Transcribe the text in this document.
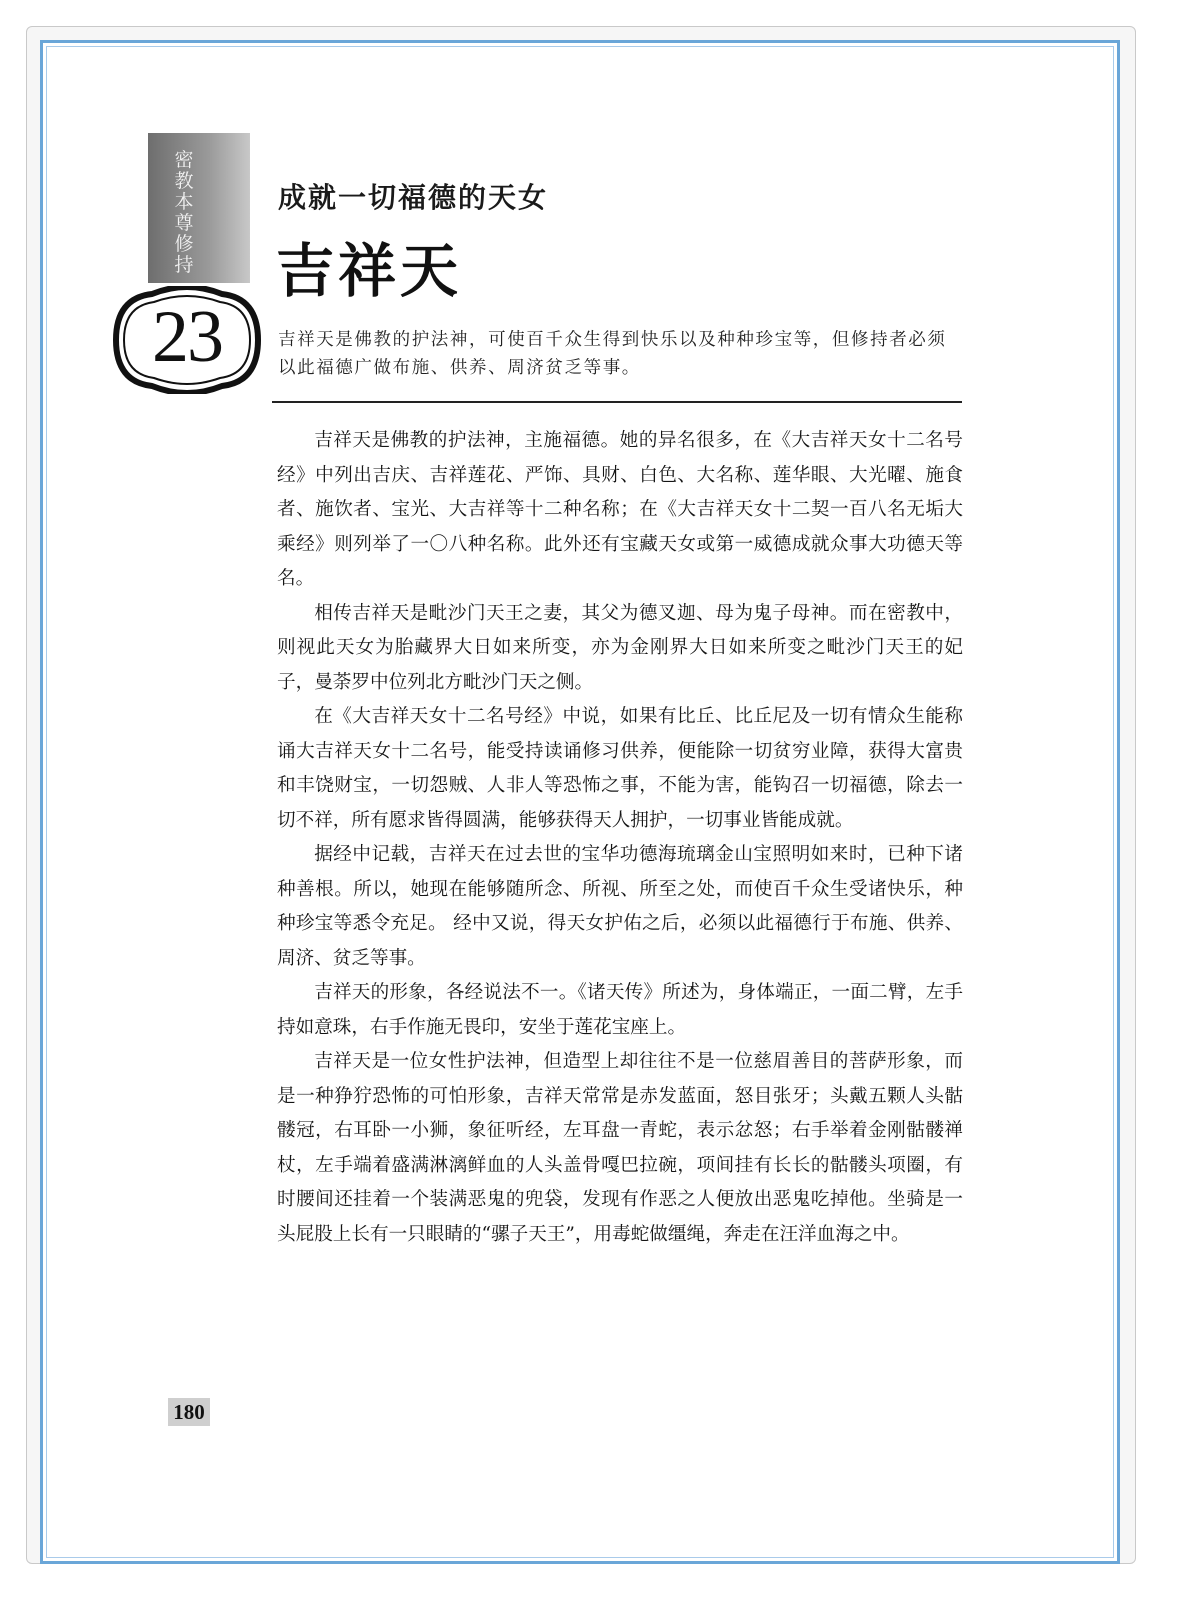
密教本尊修持
23
成就一切福德的天女
吉祥天
吉祥天是佛教的护法神，可使百千众生得到快乐以及种种珍宝等，但修持者必须以此福德广做布施、供养、周济贫乏等事。

吉祥天是佛教的护法神，主施福德。她的异名很多，在《大吉祥天女十二名号经》中列出吉庆、吉祥莲花、严饰、具财、白色、大名称、莲华眼、大光曜、施食者、施饮者、宝光、大吉祥等十二种名称；在《大吉祥天女十二契一百八名无垢大乘经》则列举了一〇八种名称。此外还有宝藏天女或第一威德成就众事大功德天等名。

相传吉祥天是毗沙门天王之妻，其父为德叉迦、母为鬼子母神。而在密教中，则视此天女为胎藏界大日如来所变，亦为金刚界大日如来所变之毗沙门天王的妃子，曼荼罗中位列北方毗沙门天之侧。

在《大吉祥天女十二名号经》中说，如果有比丘、比丘尼及一切有情众生能称诵大吉祥天女十二名号，能受持读诵修习供养，便能除一切贫穷业障，获得大富贵和丰饶财宝，一切怨贼、人非人等恐怖之事，不能为害，能钩召一切福德，除去一切不祥，所有愿求皆得圆满，能够获得天人拥护，一切事业皆能成就。

据经中记载，吉祥天在过去世的宝华功德海琉璃金山宝照明如来时，已种下诸种善根。所以，她现在能够随所念、所视、所至之处，而使百千众生受诸快乐，种种珍宝等悉令充足。 经中又说，得天女护佑之后，必须以此福德行于布施、供养、周济、贫乏等事。

吉祥天的形象，各经说法不一。《诸天传》所述为，身体端正，一面二臂，左手持如意珠，右手作施无畏印，安坐于莲花宝座上。

吉祥天是一位女性护法神，但造型上却往往不是一位慈眉善目的菩萨形象，而是一种狰狞恐怖的可怕形象，吉祥天常常是赤发蓝面，怒目张牙；头戴五颗人头骷髅冠，右耳卧一小狮，象征听经，左耳盘一青蛇，表示忿怒；右手举着金刚骷髅禅杖，左手端着盛满淋漓鲜血的人头盖骨嘎巴拉碗，项间挂有长长的骷髅头项圈，有时腰间还挂着一个装满恶鬼的兜袋，发现有作恶之人便放出恶鬼吃掉他。坐骑是一头屁股上长有一只眼睛的“骡子天王”，用毒蛇做缰绳，奔走在汪洋血海之中。

180
